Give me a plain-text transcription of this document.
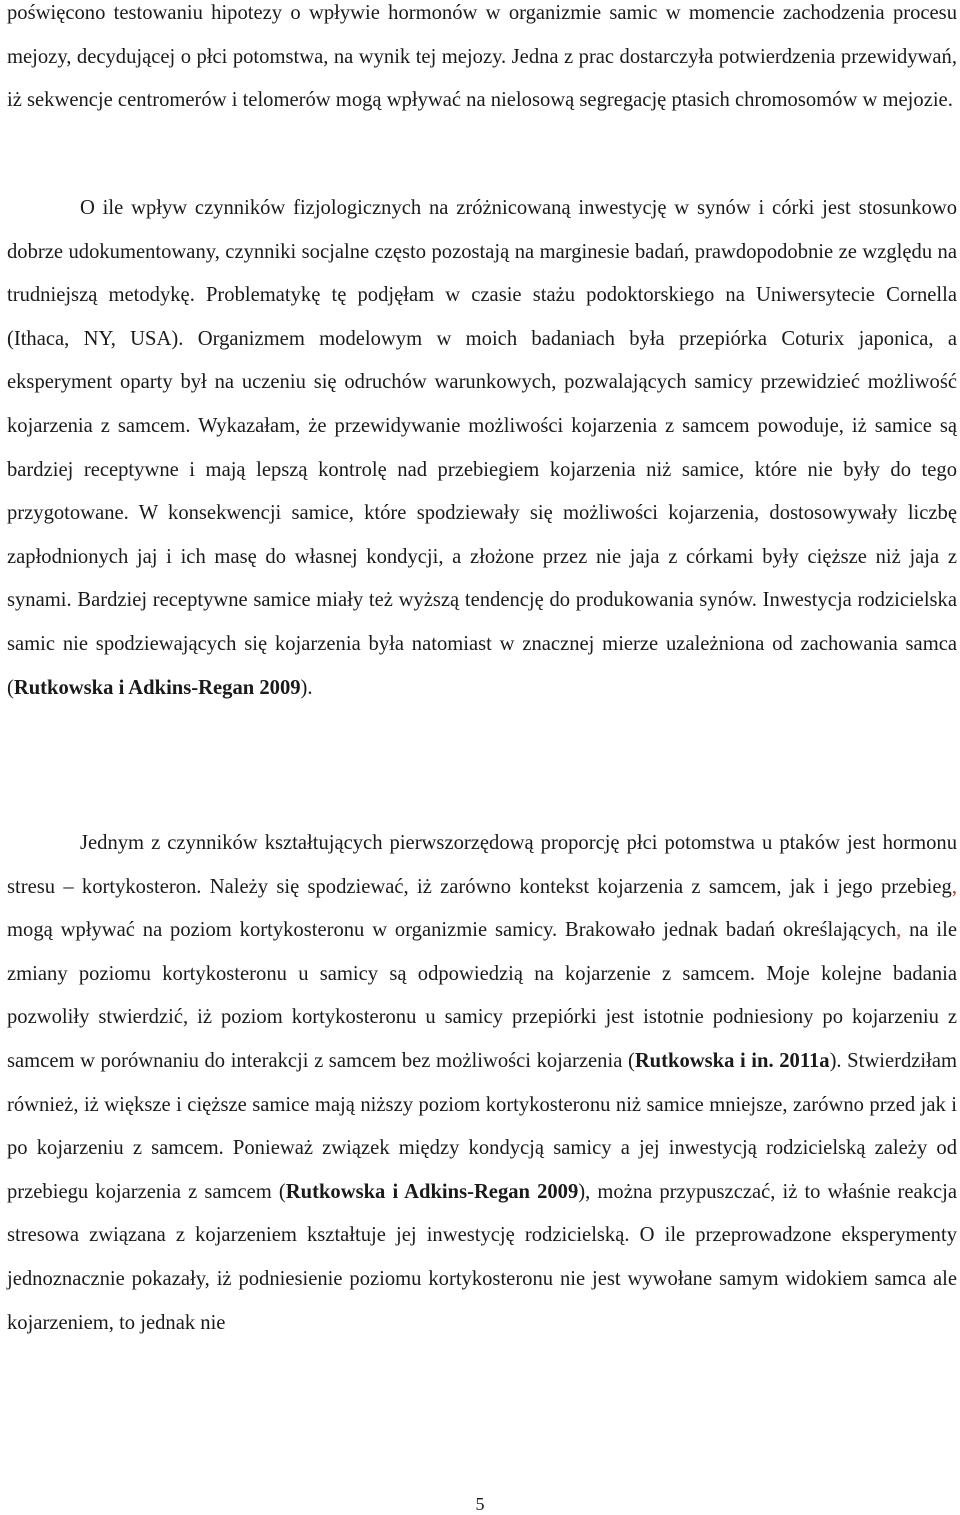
poświęcono testowaniu hipotezy o wpływie hormonów w organizmie samic w momencie zachodzenia procesu mejozy, decydującej o płci potomstwa, na wynik tej mejozy. Jedna z prac dostarczyła potwierdzenia przewidywań, iż sekwencje centromerów i telomerów mogą wpływać na nielosową segregację ptasich chromosomów w mejozie.

O ile wpływ czynników fizjologicznych na zróżnicowaną inwestycję w synów i córki jest stosunkowo dobrze udokumentowany, czynniki socjalne często pozostają na marginesie badań, prawdopodobnie ze względu na trudniejszą metodykę. Problematykę tę podjęłam w czasie stażu podoktorskiego na Uniwersytecie Cornella (Ithaca, NY, USA). Organizmem modelowym w moich badaniach była przepiórka Coturix japonica, a eksperyment oparty był na uczeniu się odruchów warunkowych, pozwalających samicy przewidzieć możliwość kojarzenia z samcem. Wykazałam, że przewidywanie możliwości kojarzenia z samcem powoduje, iż samice są bardziej receptywne i mają lepszą kontrolę nad przebiegiem kojarzenia niż samice, które nie były do tego przygotowane. W konsekwencji samice, które spodziewały się możliwości kojarzenia, dostosowywały liczbę zapłodnionych jaj i ich masę do własnej kondycji, a złożone przez nie jaja z córkami były cięższe niż jaja z synami. Bardziej receptywne samice miały też wyższą tendencję do produkowania synów. Inwestycja rodzicielska samic nie spodziewających się kojarzenia była natomiast w znacznej mierze uzależniona od zachowania samca (Rutkowska i Adkins-Regan 2009).

Jednym z czynników kształtujących pierwszorzędową proporcję płci potomstwa u ptaków jest hormonu stresu – kortykosteron. Należy się spodziewać, iż zarówno kontekst kojarzenia z samcem, jak i jego przebieg, mogą wpływać na poziom kortykosteronu w organizmie samicy. Brakowało jednak badań określających, na ile zmiany poziomu kortykosteronu u samicy są odpowiedzią na kojarzenie z samcem. Moje kolejne badania pozwoliły stwierdzić, iż poziom kortykosteronu u samicy przepiórki jest istotnie podniesiony po kojarzeniu z samcem w porównaniu do interakcji z samcem bez możliwości kojarzenia (Rutkowska i in. 2011a). Stwierdziłam również, iż większe i cięższe samice mają niższy poziom kortykosteronu niż samice mniejsze, zarówno przed jak i po kojarzeniu z samcem. Ponieważ związek między kondycją samicy a jej inwestycją rodzicielską zależy od przebiegu kojarzenia z samcem (Rutkowska i Adkins-Regan 2009), można przypuszczać, iż to właśnie reakcja stresowa związana z kojarzeniem kształtuje jej inwestycję rodzicielską. O ile przeprowadzone eksperymenty jednoznacznie pokazały, iż podniesienie poziomu kortykosteronu nie jest wywołane samym widokiem samca ale kojarzeniem, to jednak nie

5
